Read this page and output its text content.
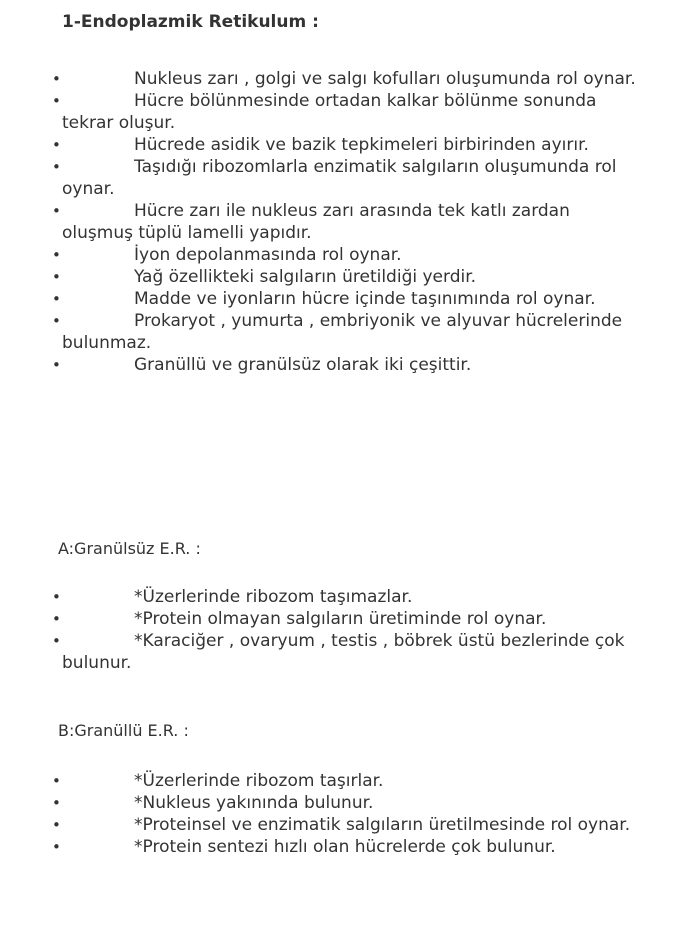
1-Endoplazmik Retikulum :
•	Nukleus zarı , golgi ve salgı kofulları oluşumunda rol oynar.
•	Hücre bölünmesinde ortadan kalkar bölünme sonunda tekrar oluşur.
•	Hücrede asidik ve bazik tepkimeleri birbirinden ayırır.
•	Taşıdığı ribozomlarla enzimatik salgıların oluşumunda rol oynar.
•	Hücre zarı ile nukleus zarı arasında tek katlı zardan oluşmuş tüplü lamelli yapıdır.
•	İyon depolanmasında rol oynar.
•	Yağ özellikteki salgıların üretildiği yerdir.
•	Madde ve iyonların hücre içinde taşınımında rol oynar.
•	Prokaryot , yumurta , embriyonik ve alyuvar hücrelerinde bulunmaz.
•	Granüllü ve granülsüz olarak iki çeşittir.
A:Granülsüz E.R. :
•	*Üzerlerinde ribozom taşımazlar.
•	*Protein olmayan salgıların üretiminde rol oynar.
•	*Karaciğer , ovaryum , testis , böbrek üstü bezlerinde çok bulunur.
B:Granüllü E.R. :
•	*Üzerlerinde ribozom taşırlar.
•	*Nukleus yakınında bulunur.
•	*Proteinsel ve enzimatik salgıların üretilmesinde rol oynar.
•	*Protein sentezi hızlı olan hücrelerde çok bulunur.
